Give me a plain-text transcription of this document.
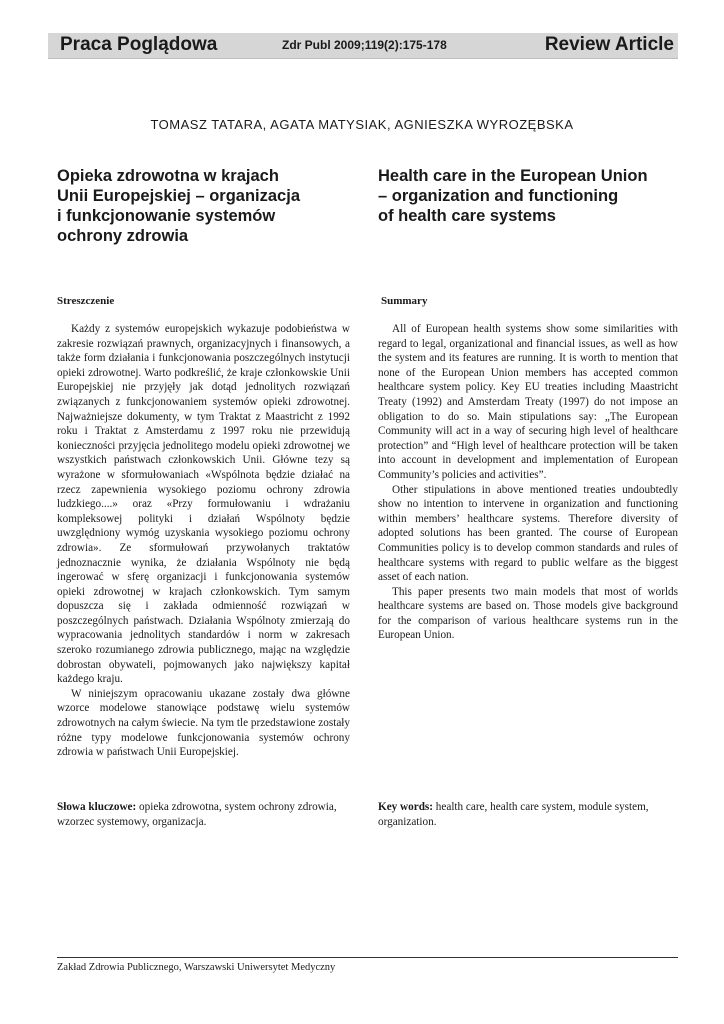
Praca Poglądowa	Zdr Publ 2009;119(2):175-178	Review Article
TOMASZ TATARA, AGATA MATYSIAK, AGNIESZKA WYROZĘBSKA
Opieka zdrowotna w krajach
Unii Europejskiej – organizacja
i funkcjonowanie systemów
ochrony zdrowia
Health care in the European Union
– organization and functioning
of health care systems
Streszczenie	Summary

Każdy z systemów europejskich wykazuje podobieństwa w zakresie rozwiązań prawnych, organizacyjnych i finansowych, a także form działania i funkcjonowania poszczególnych instytucji opieki zdrowotnej. Warto podkreślić, że kraje członkowskie Unii Europejskiej nie przyjęły jak dotąd jednolitych rozwiązań związanych z funkcjonowaniem systemów opieki zdrowotnej. Najważniejsze dokumenty, w tym Traktat z Maastricht z 1992 roku i Traktat z Amsterdamu z 1997 roku nie przewidują konieczności przyjęcia jednolitego modelu opieki zdrowotnej we wszystkich państwach członkowskich Unii. Główne tezy są wyrażone w sformułowaniach «Wspólnota będzie działać na rzecz zapewnienia wysokiego poziomu ochrony zdrowia ludzkiego....» oraz «Przy formułowaniu i wdrażaniu kompleksowej polityki i działań Wspólnoty będzie uwzględniony wymóg uzyskania wysokiego poziomu ochrony zdrowia». Ze sformułowań przywołanych traktatów jednoznacznie wynika, że działania Wspólnoty nie będą ingerować w sferę organizacji i funkcjonowania systemów opieki zdrowotnej w krajach członkowskich. Tym samym dopuszcza się i zakłada odmienność rozwiązań w poszczególnych państwach. Działania Wspólnoty zmierzają do wypracowania jednolitych standardów i norm w zakresach szeroko rozumianego zdrowia publicznego, mając na względzie dobrostan obywateli, pojmowanych jako największy kapitał każdego kraju.

W niniejszym opracowaniu ukazane zostały dwa główne wzorce modelowe stanowiące podstawę wielu systemów zdrowotnych na całym świecie. Na tym tle przedstawione zostały różne typy modelowe funkcjonowania systemów ochrony zdrowia w państwach Unii Europejskiej.

All of European health systems show some similarities with regard to legal, organizational and financial issues, as well as how the system and its features are running. It is worth to mention that none of the European Union members has accepted common healthcare system policy. Key EU treaties including Maastricht Treaty (1992) and Amsterdam Treaty (1997) do not impose an obligation to do so. Main stipulations say: „The European Community will act in a way of securing high level of healthcare protection” and “High level of healthcare protection will be taken into account in development and implementation of European Community’s policies and activities”.

Other stipulations in above mentioned treaties undoubtedly show no intention to intervene in organization and functioning within members’ healthcare systems. Therefore diversity of adopted solutions has been granted. The course of European Communities policy is to develop common standards and rules of healthcare systems with regard to public welfare as the biggest asset of each nation.

This paper presents two main models that most of worlds healthcare systems are based on. Those models give background for the comparison of various healthcare systems run in the European Union.

Słowa kluczowe: opieka zdrowotna, system ochrony zdrowia, wzorzec systemowy, organizacja.
Key words: health care, health care system, module system, organization.
Zakład Zdrowia Publicznego, Warszawski Uniwersytet Medyczny
